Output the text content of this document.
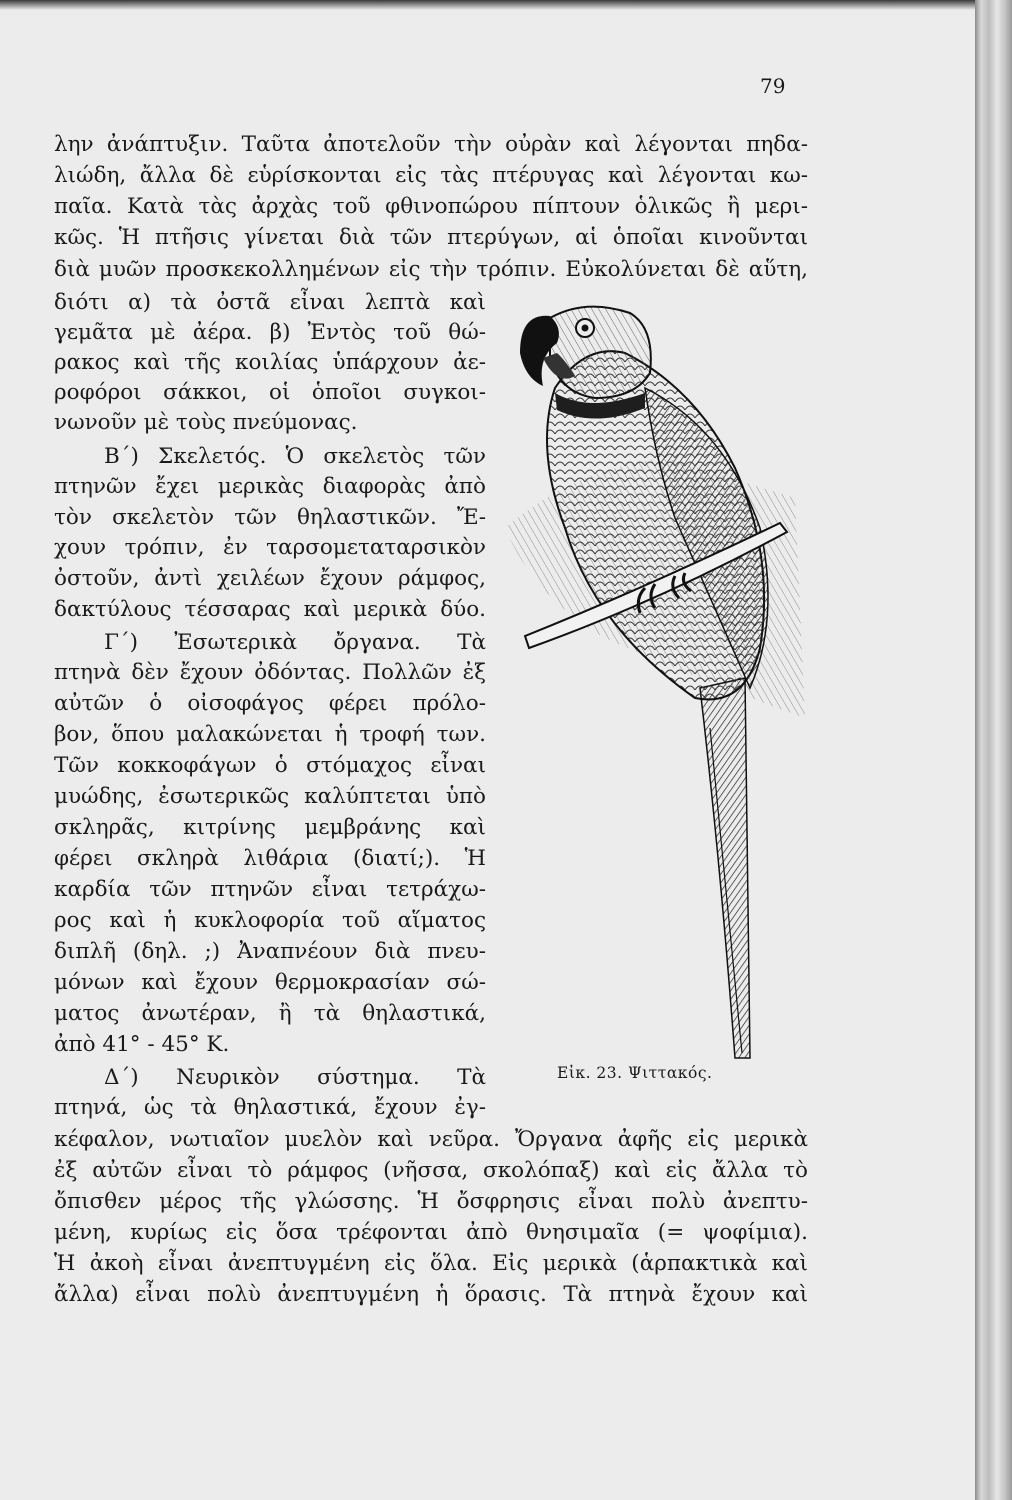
79
λην ἀνάπτυξιν. Ταῦτα ἀποτελοῦν τὴν οὐρὰν καὶ λέγονται πηδα-
λιώδη, ἄλλα δὲ εὑρίσκονται εἰς τὰς πτέρυγας καὶ λέγονται κω-
παῖα. Κατὰ τὰς ἀρχὰς τοῦ φθινοπώρου πίπτουν ὁλικῶς ἢ μερι-
κῶς. Ἡ πτῆσις γίνεται διὰ τῶν πτερύγων, αἱ ὁποῖαι κινοῦνται
διὰ μυῶν προσκεκολλημένων εἰς τὴν τρόπιν. Εὐκολύνεται δὲ αὕτη,
διότι α) τὰ ὀστᾶ εἶναι λεπτὰ καὶ
γεμᾶτα μὲ ἀέρα. β) Ἐντὸς τοῦ θώ-
ρακος καὶ τῆς κοιλίας ὑπάρχουν ἀε-
ροφόροι σάκκοι, οἱ ὁποῖοι συγκοι-
νωνοῦν μὲ τοὺς πνεύμονας.
Β΄) Σκελετός. Ὁ σκελετὸς τῶν
πτηνῶν ἔχει μερικὰς διαφορὰς ἀπὸ
τὸν σκελετὸν τῶν θηλαστικῶν. Ἔ-
χουν τρόπιν, ἐν ταρσομεταταρσικὸν
ὀστοῦν, ἀντὶ χειλέων ἔχουν ράμφος,
δακτύλους τέσσαρας καὶ μερικὰ δύο.
Γ΄) Ἐσωτερικὰ ὄργανα. Τὰ
πτηνὰ δὲν ἔχουν ὀδόντας. Πολλῶν ἐξ
αὐτῶν ὁ οἰσοφάγος φέρει πρόλο-
βον, ὅπου μαλακώνεται ἡ τροφή των.
Τῶν κοκκοφάγων ὁ στόμαχος εἶναι
μυώδης, ἐσωτερικῶς καλύπτεται ὑπὸ
σκληρᾶς, κιτρίνης μεμβράνης καὶ
φέρει σκληρὰ λιθάρια (διατί;). Ἡ
καρδία τῶν πτηνῶν εἶναι τετράχω-
ρος καὶ ἡ κυκλοφορία τοῦ αἵματος
διπλῆ (δηλ. ;) Ἀναπνέουν διὰ πνευ-
μόνων καὶ ἔχουν θερμοκρασίαν σώ-
ματος ἀνωτέραν, ἢ τὰ θηλαστικά,
ἀπὸ 41° - 45° Κ.
Δ΄) Νευρικὸν σύστημα. Τὰ
πτηνά, ὡς τὰ θηλαστικά, ἔχουν ἐγ-
κέφαλον, νωτιαῖον μυελὸν καὶ νεῦρα. Ὄργανα ἀφῆς εἰς μερικὰ
ἐξ αὐτῶν εἶναι τὸ ράμφος (νῆσσα, σκολόπαξ) καὶ εἰς ἄλλα τὸ
ὄπισθεν μέρος τῆς γλώσσης. Ἡ ὄσφρησις εἶναι πολὺ ἀνεπτυ-
μένη, κυρίως εἰς ὅσα τρέφονται ἀπὸ θνησιμαῖα (= ψοφίμια).
Ἡ ἀκοὴ εἶναι ἀνεπτυγμένη εἰς ὅλα. Εἰς μερικὰ (ἁρπακτικὰ καὶ
ἄλλα) εἶναι πολὺ ἀνεπτυγμένη ἡ ὅρασις. Τὰ πτηνὰ ἔχουν καὶ
Εἰκ. 23. Ψιττακός.
